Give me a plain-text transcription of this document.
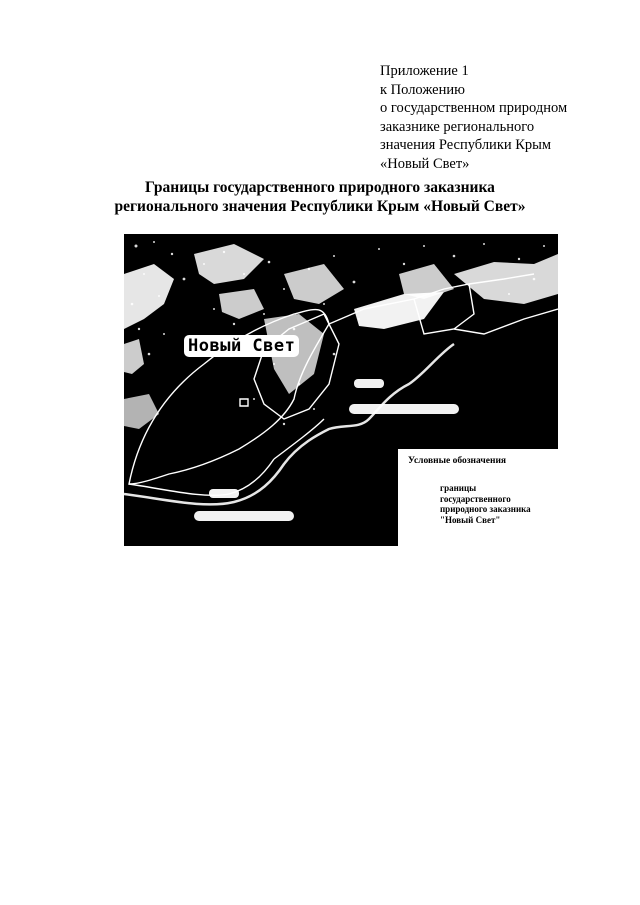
Приложение 1
к Положению
о государственном природном
заказнике регионального
значения Республики Крым
«Новый Свет»
Границы государственного природного заказника
регионального значения Республики Крым «Новый Свет»
Новый Свет
Условные обозначения
границы
государственного
природного заказника
"Новый Свет"
